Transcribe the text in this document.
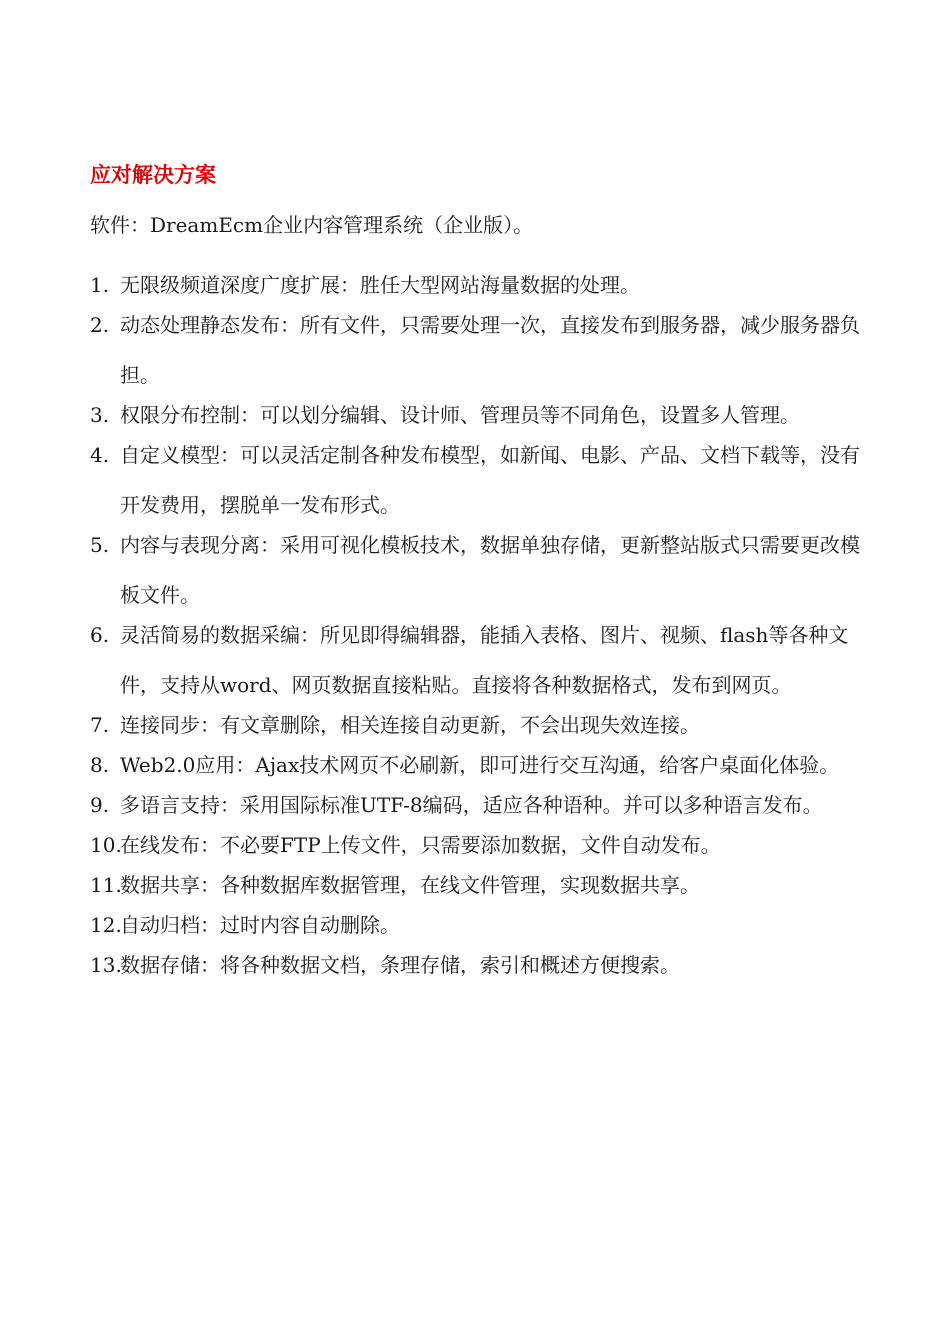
应对解决方案
软件：DreamEcm企业内容管理系统（企业版）。
1. 无限级频道深度广度扩展：胜任大型网站海量数据的处理。
2. 动态处理静态发布：所有文件，只需要处理一次，直接发布到服务器，减少服务器负担。
3. 权限分布控制：可以划分编辑、设计师、管理员等不同角色，设置多人管理。
4. 自定义模型：可以灵活定制各种发布模型，如新闻、电影、产品、文档下载等，没有开发费用，摆脱单一发布形式。
5. 内容与表现分离：采用可视化模板技术，数据单独存储，更新整站版式只需要更改模板文件。
6. 灵活简易的数据采编：所见即得编辑器，能插入表格、图片、视频、flash等各种文件，支持从word、网页数据直接粘贴。直接将各种数据格式，发布到网页。
7. 连接同步：有文章删除，相关连接自动更新，不会出现失效连接。
8. Web2.0应用：Ajax技术网页不必刷新，即可进行交互沟通，给客户桌面化体验。
9. 多语言支持：采用国际标准UTF-8编码，适应各种语种。并可以多种语言发布。
10.
在线发布：不必要FTP上传文件，只需要添加数据，文件自动发布。
11.
数据共享：各种数据库数据管理，在线文件管理，实现数据共享。
12.
自动归档：过时内容自动删除。
13.
数据存储：将各种数据文档，条理存储，索引和概述方便搜索。
